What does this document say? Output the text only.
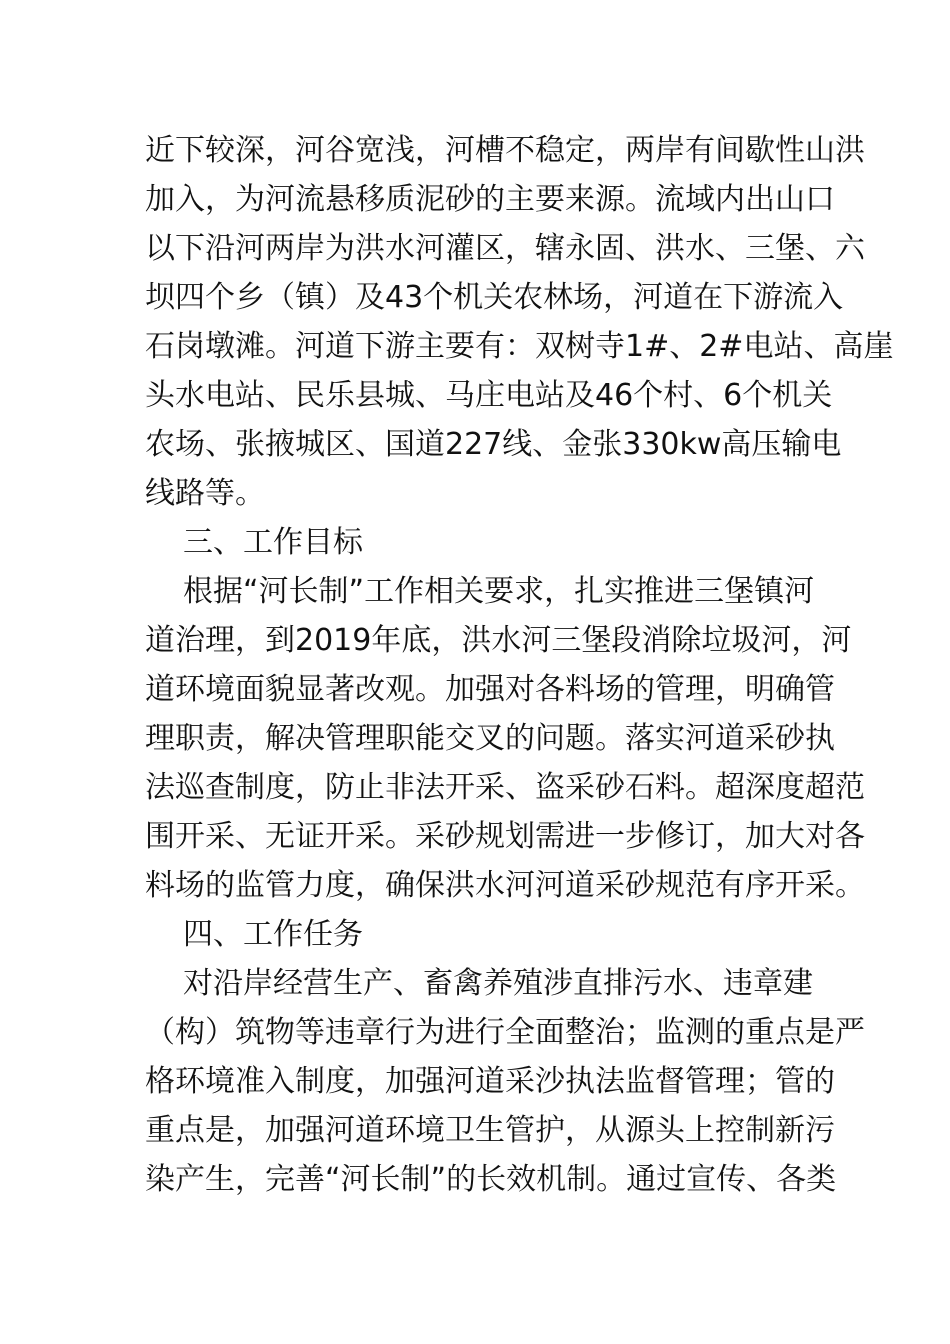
近下较深，河谷宽浅，河槽不稳定，两岸有间歇性山洪
加入，为河流悬移质泥砂的主要来源。流域内出山口
以下沿河两岸为洪水河灌区，辖永固、洪水、三堡、六
坝四个乡（镇）及43个机关农林场，河道在下游流入
石岗墩滩。河道下游主要有：双树寺1#、2#电站、高崖
头水电站、民乐县城、马庄电站及46个村、6个机关
农场、张掖城区、国道227线、金张330kw高压输电
线路等。
三、工作目标
根据“河长制”工作相关要求，扎实推进三堡镇河
道治理，到2019年底，洪水河三堡段消除垃圾河，河
道环境面貌显著改观。加强对各料场的管理，明确管
理职责，解决管理职能交叉的问题。落实河道采砂执
法巡查制度，防止非法开采、盗采砂石料。超深度超范
围开采、无证开采。采砂规划需进一步修订，加大对各
料场的监管力度，确保洪水河河道采砂规范有序开采。
四、工作任务
对沿岸经营生产、畜禽养殖涉直排污水、违章建
（构）筑物等违章行为进行全面整治；监测的重点是严
格环境准入制度，加强河道采沙执法监督管理；管的
重点是，加强河道环境卫生管护，从源头上控制新污
染产生，完善“河长制”的长效机制。通过宣传、各类
